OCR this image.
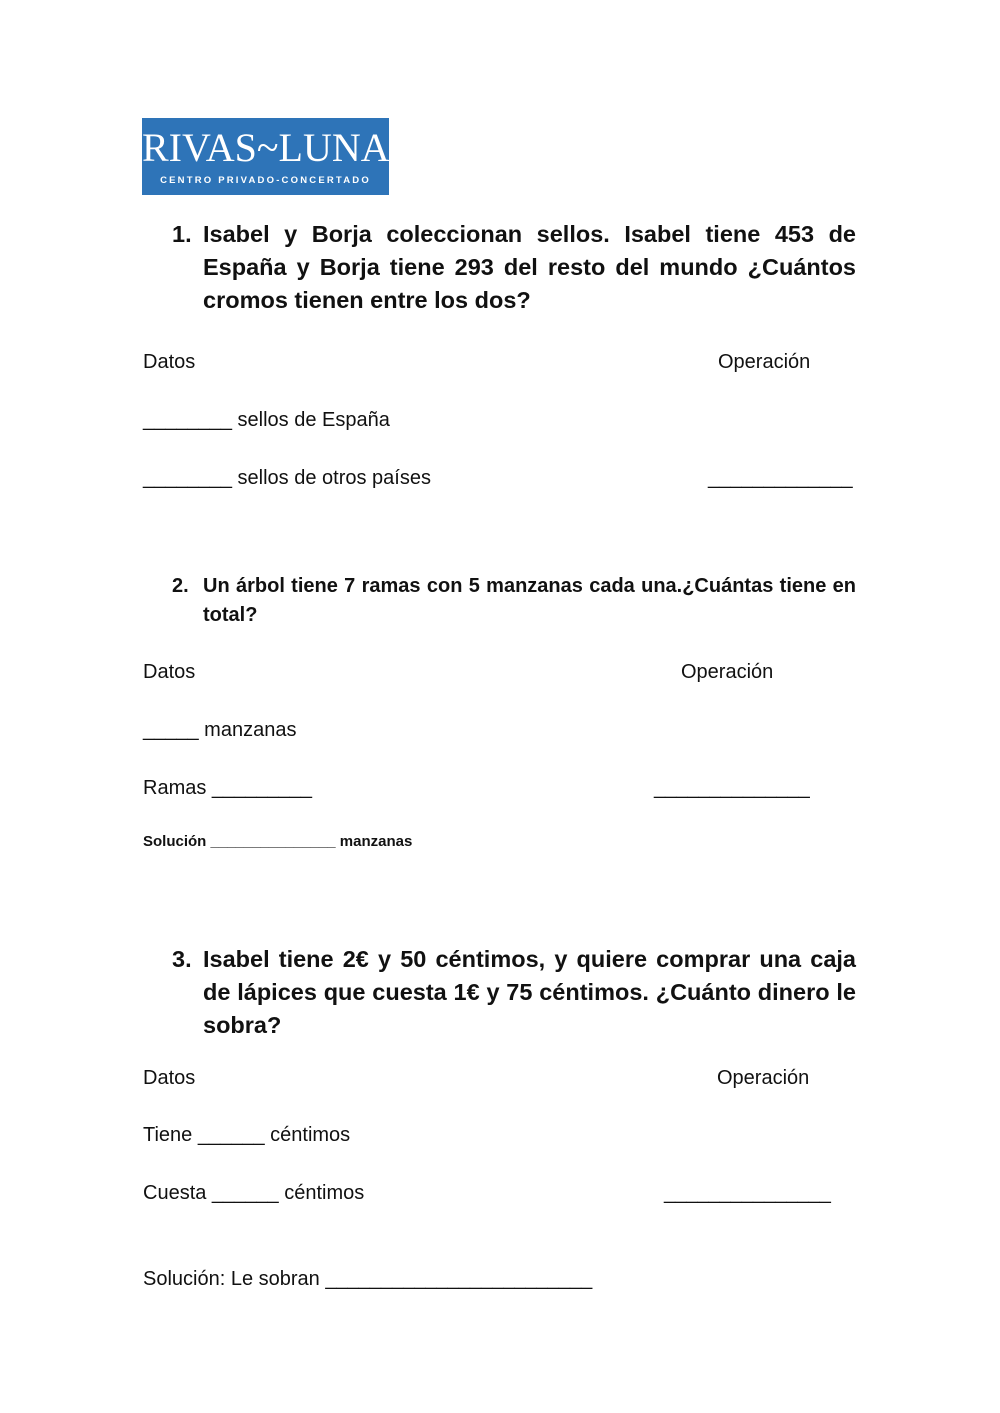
RIVAS~LUNA
CENTRO PRIVADO-CONCERTADO
1. Isabel y Borja coleccionan sellos. Isabel tiene 453 de España y Borja tiene 293 del resto del mundo ¿Cuántos cromos tienen entre los dos?
Datos	Operación
________ sellos de España
________ sellos de otros países	_____________
2. Un árbol tiene 7 ramas con 5 manzanas cada una.¿Cuántas tiene en total?
Datos	Operación
_____ manzanas
Ramas _________	______________
Solución _______________ manzanas
3. Isabel tiene 2€ y 50 céntimos, y quiere comprar una caja de lápices que cuesta 1€ y 75 céntimos. ¿Cuánto dinero le sobra?
Datos	Operación
Tiene ______ céntimos
Cuesta ______ céntimos	_______________
Solución: Le sobran ________________________
